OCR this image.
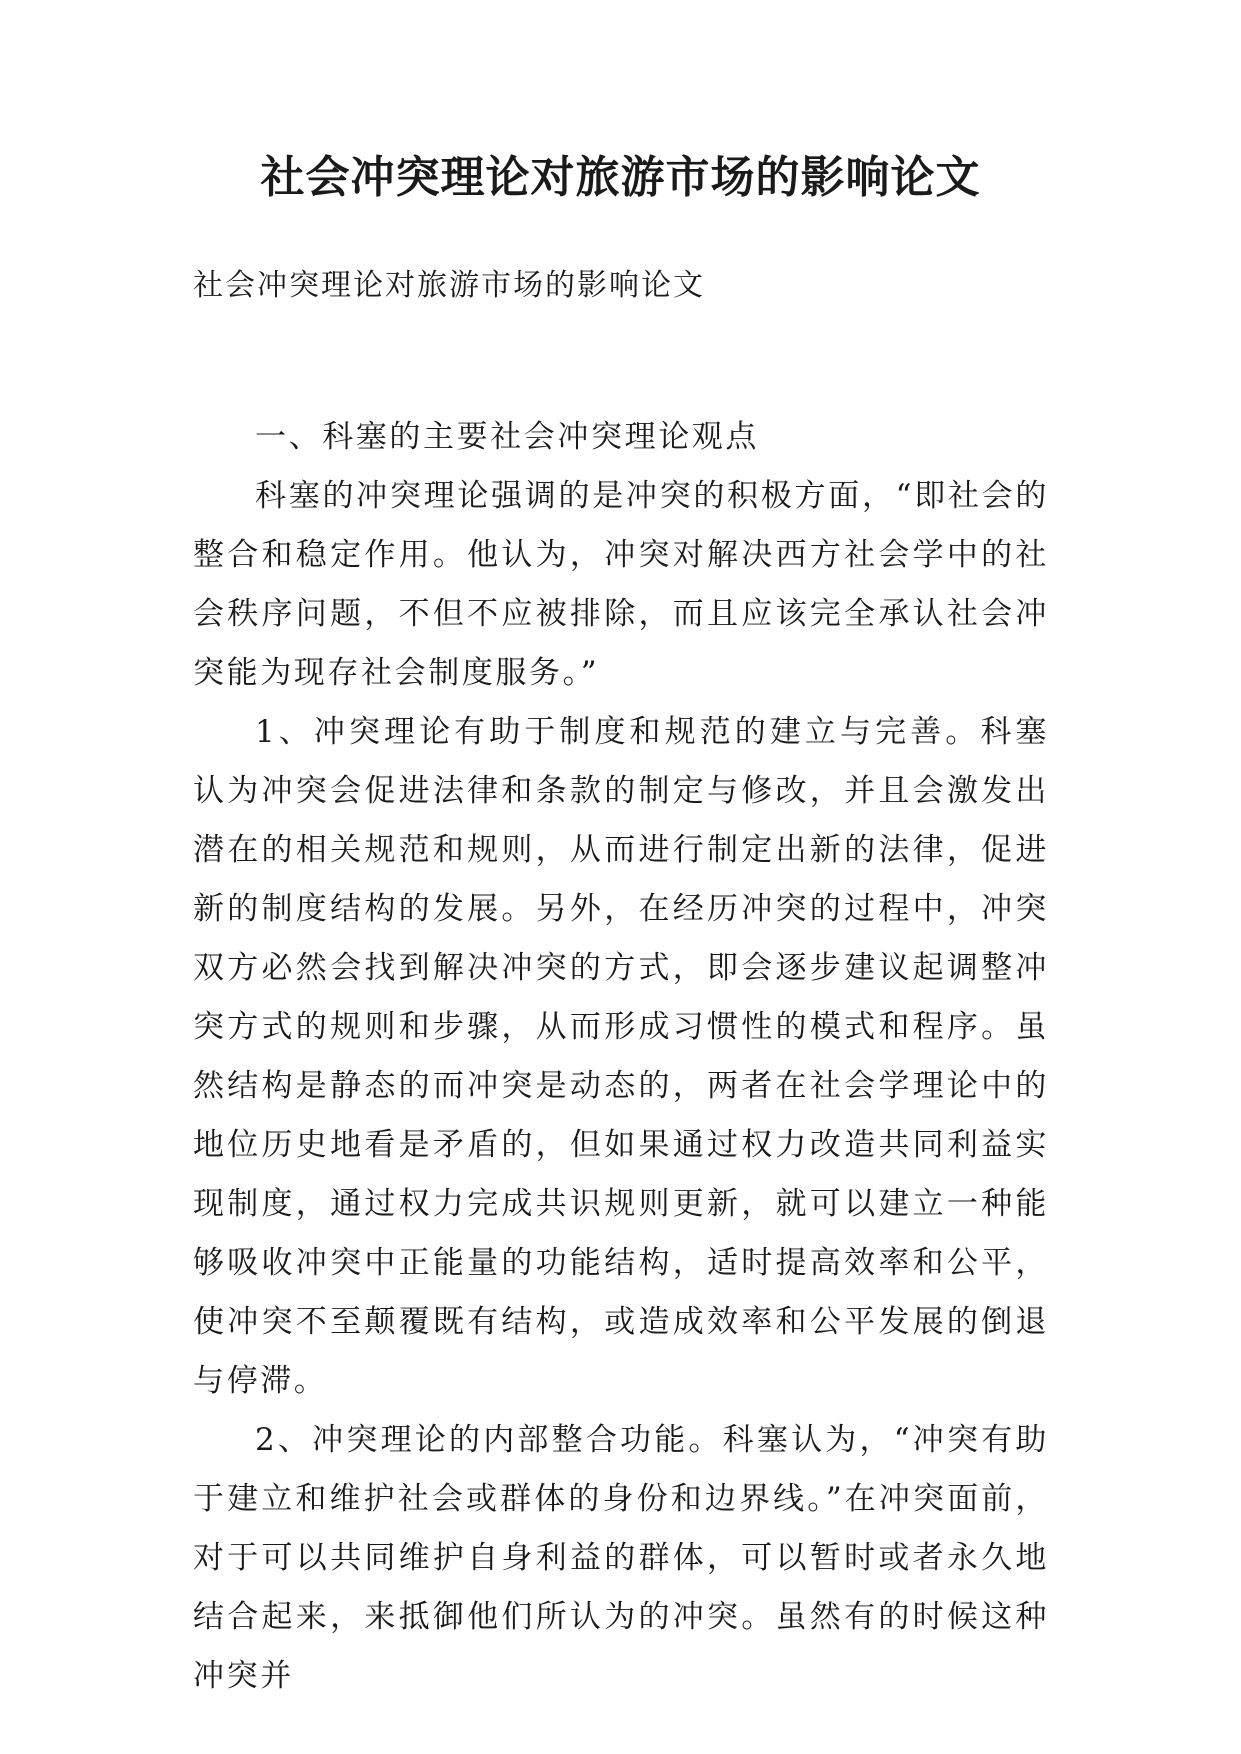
社会冲突理论对旅游市场的影响论文

社会冲突理论对旅游市场的影响论文

一、科塞的主要社会冲突理论观点

科塞的冲突理论强调的是冲突的积极方面，“即社会的整合和稳定作用。他认为，冲突对解决西方社会学中的社会秩序问题，不但不应被排除，而且应该完全承认社会冲突能为现存社会制度服务。”

1、冲突理论有助于制度和规范的建立与完善。科塞认为冲突会促进法律和条款的制定与修改，并且会激发出潜在的相关规范和规则，从而进行制定出新的法律，促进新的制度结构的发展。另外，在经历冲突的过程中，冲突双方必然会找到解决冲突的方式，即会逐步建议起调整冲突方式的规则和步骤，从而形成习惯性的模式和程序。虽然结构是静态的而冲突是动态的，两者在社会学理论中的地位历史地看是矛盾的，但如果通过权力改造共同利益实现制度，通过权力完成共识规则更新，就可以建立一种能够吸收冲突中正能量的功能结构，适时提高效率和公平，使冲突不至颠覆既有结构，或造成效率和公平发展的倒退与停滞。

2、冲突理论的内部整合功能。科塞认为，“冲突有助于建立和维护社会或群体的身份和边界线。”在冲突面前，对于可以共同维护自身利益的群体，可以暂时或者永久地结合起来，来抵御他们所认为的冲突。虽然有的时候这种冲突并
